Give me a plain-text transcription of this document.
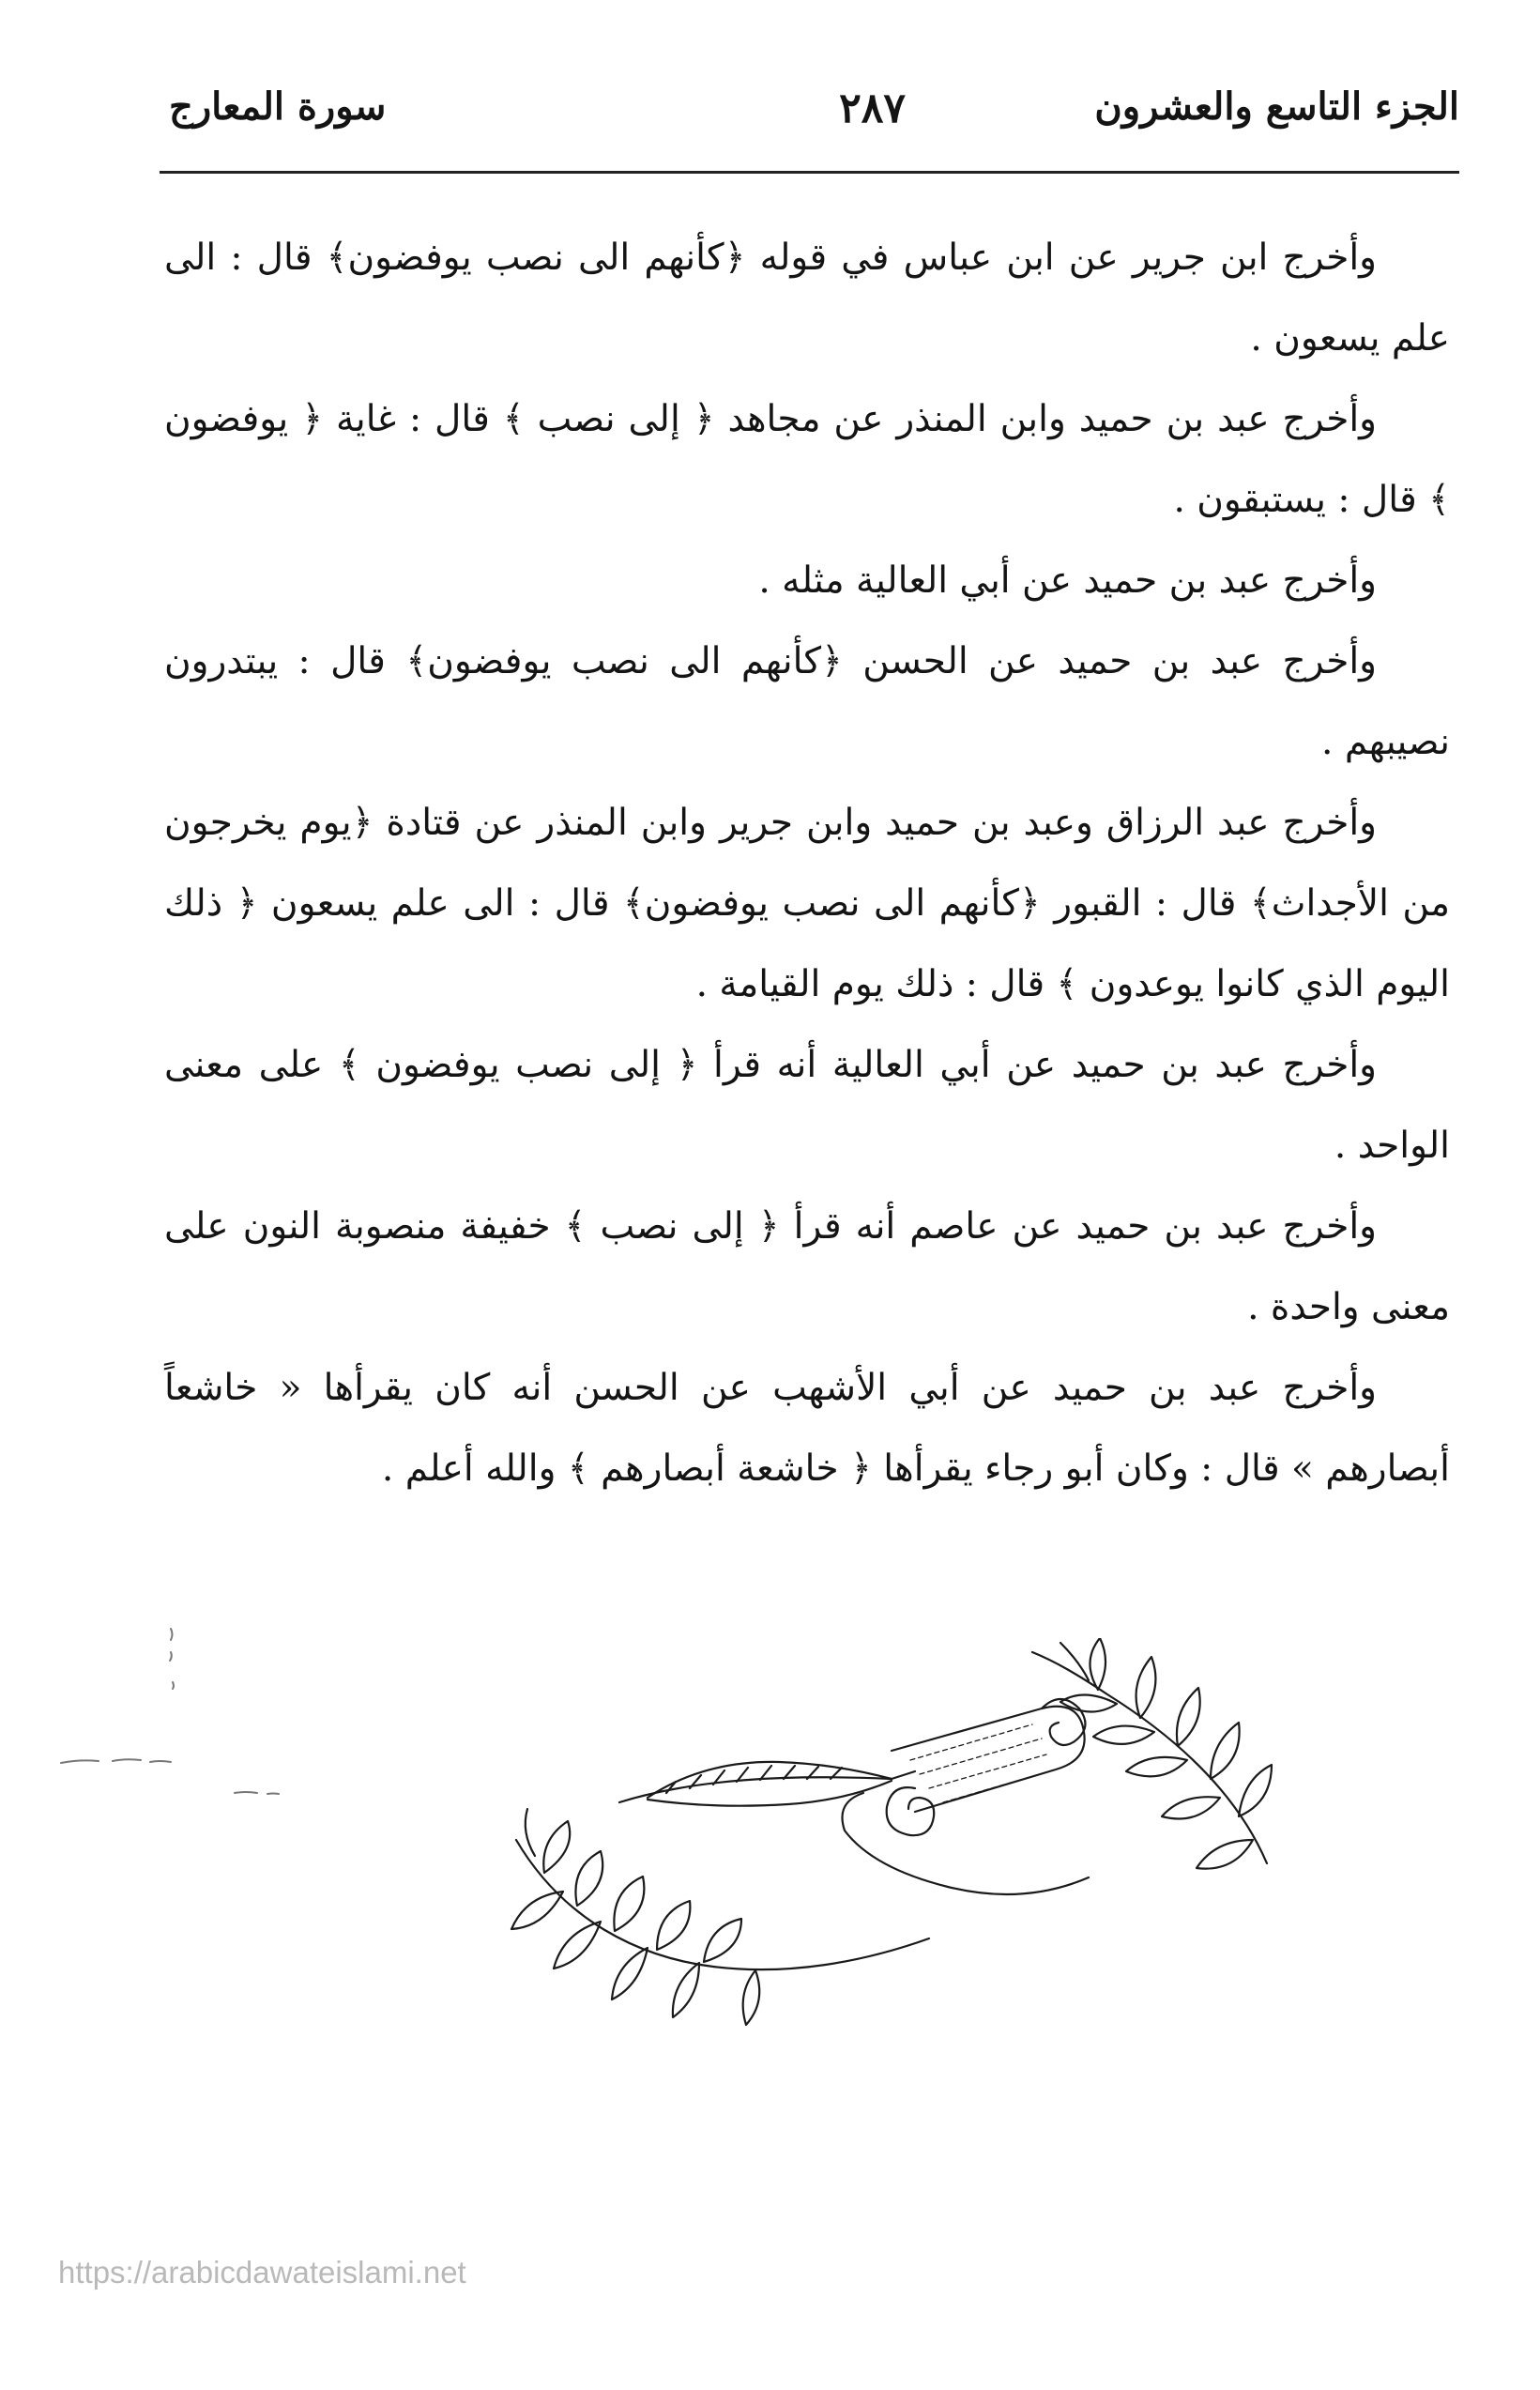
الجزء التاسع والعشرون
٢٨٧
سورة المعارج

وأخرج ابن جرير عن ابن عباس في قوله ﴿كأنهم الى نصب يوفضون﴾ قال : الى علم يسعون .

وأخرج عبد بن حميد وابن المنذر عن مجاهد ﴿ إلى نصب ﴾ قال : غاية ﴿ يوفضون ﴾ قال : يستبقون .

وأخرج عبد بن حميد عن أبي العالية مثله .

وأخرج عبد بن حميد عن الحسن ﴿كأنهم الى نصب يوفضون﴾ قال : يبتدرون نصيبهم .

وأخرج عبد الرزاق وعبد بن حميد وابن جرير وابن المنذر عن قتادة ﴿يوم يخرجون من الأجداث﴾ قال : القبور ﴿كأنهم الى نصب يوفضون﴾ قال : الى علم يسعون ﴿ ذلك اليوم الذي كانوا يوعدون ﴾ قال : ذلك يوم القيامة .

وأخرج عبد بن حميد عن أبي العالية أنه قرأ ﴿ إلى نصب يوفضون ﴾ على معنى الواحد .

وأخرج عبد بن حميد عن عاصم أنه قرأ ﴿ إلى نصب ﴾ خفيفة منصوبة النون على معنى واحدة .

وأخرج عبد بن حميد عن أبي الأشهب عن الحسن أنه كان يقرأها « خاشعاً أبصارهم » قال : وكان أبو رجاء يقرأها ﴿ خاشعة أبصارهم ﴾ والله أعلم .

https://arabicdawateislami.net
